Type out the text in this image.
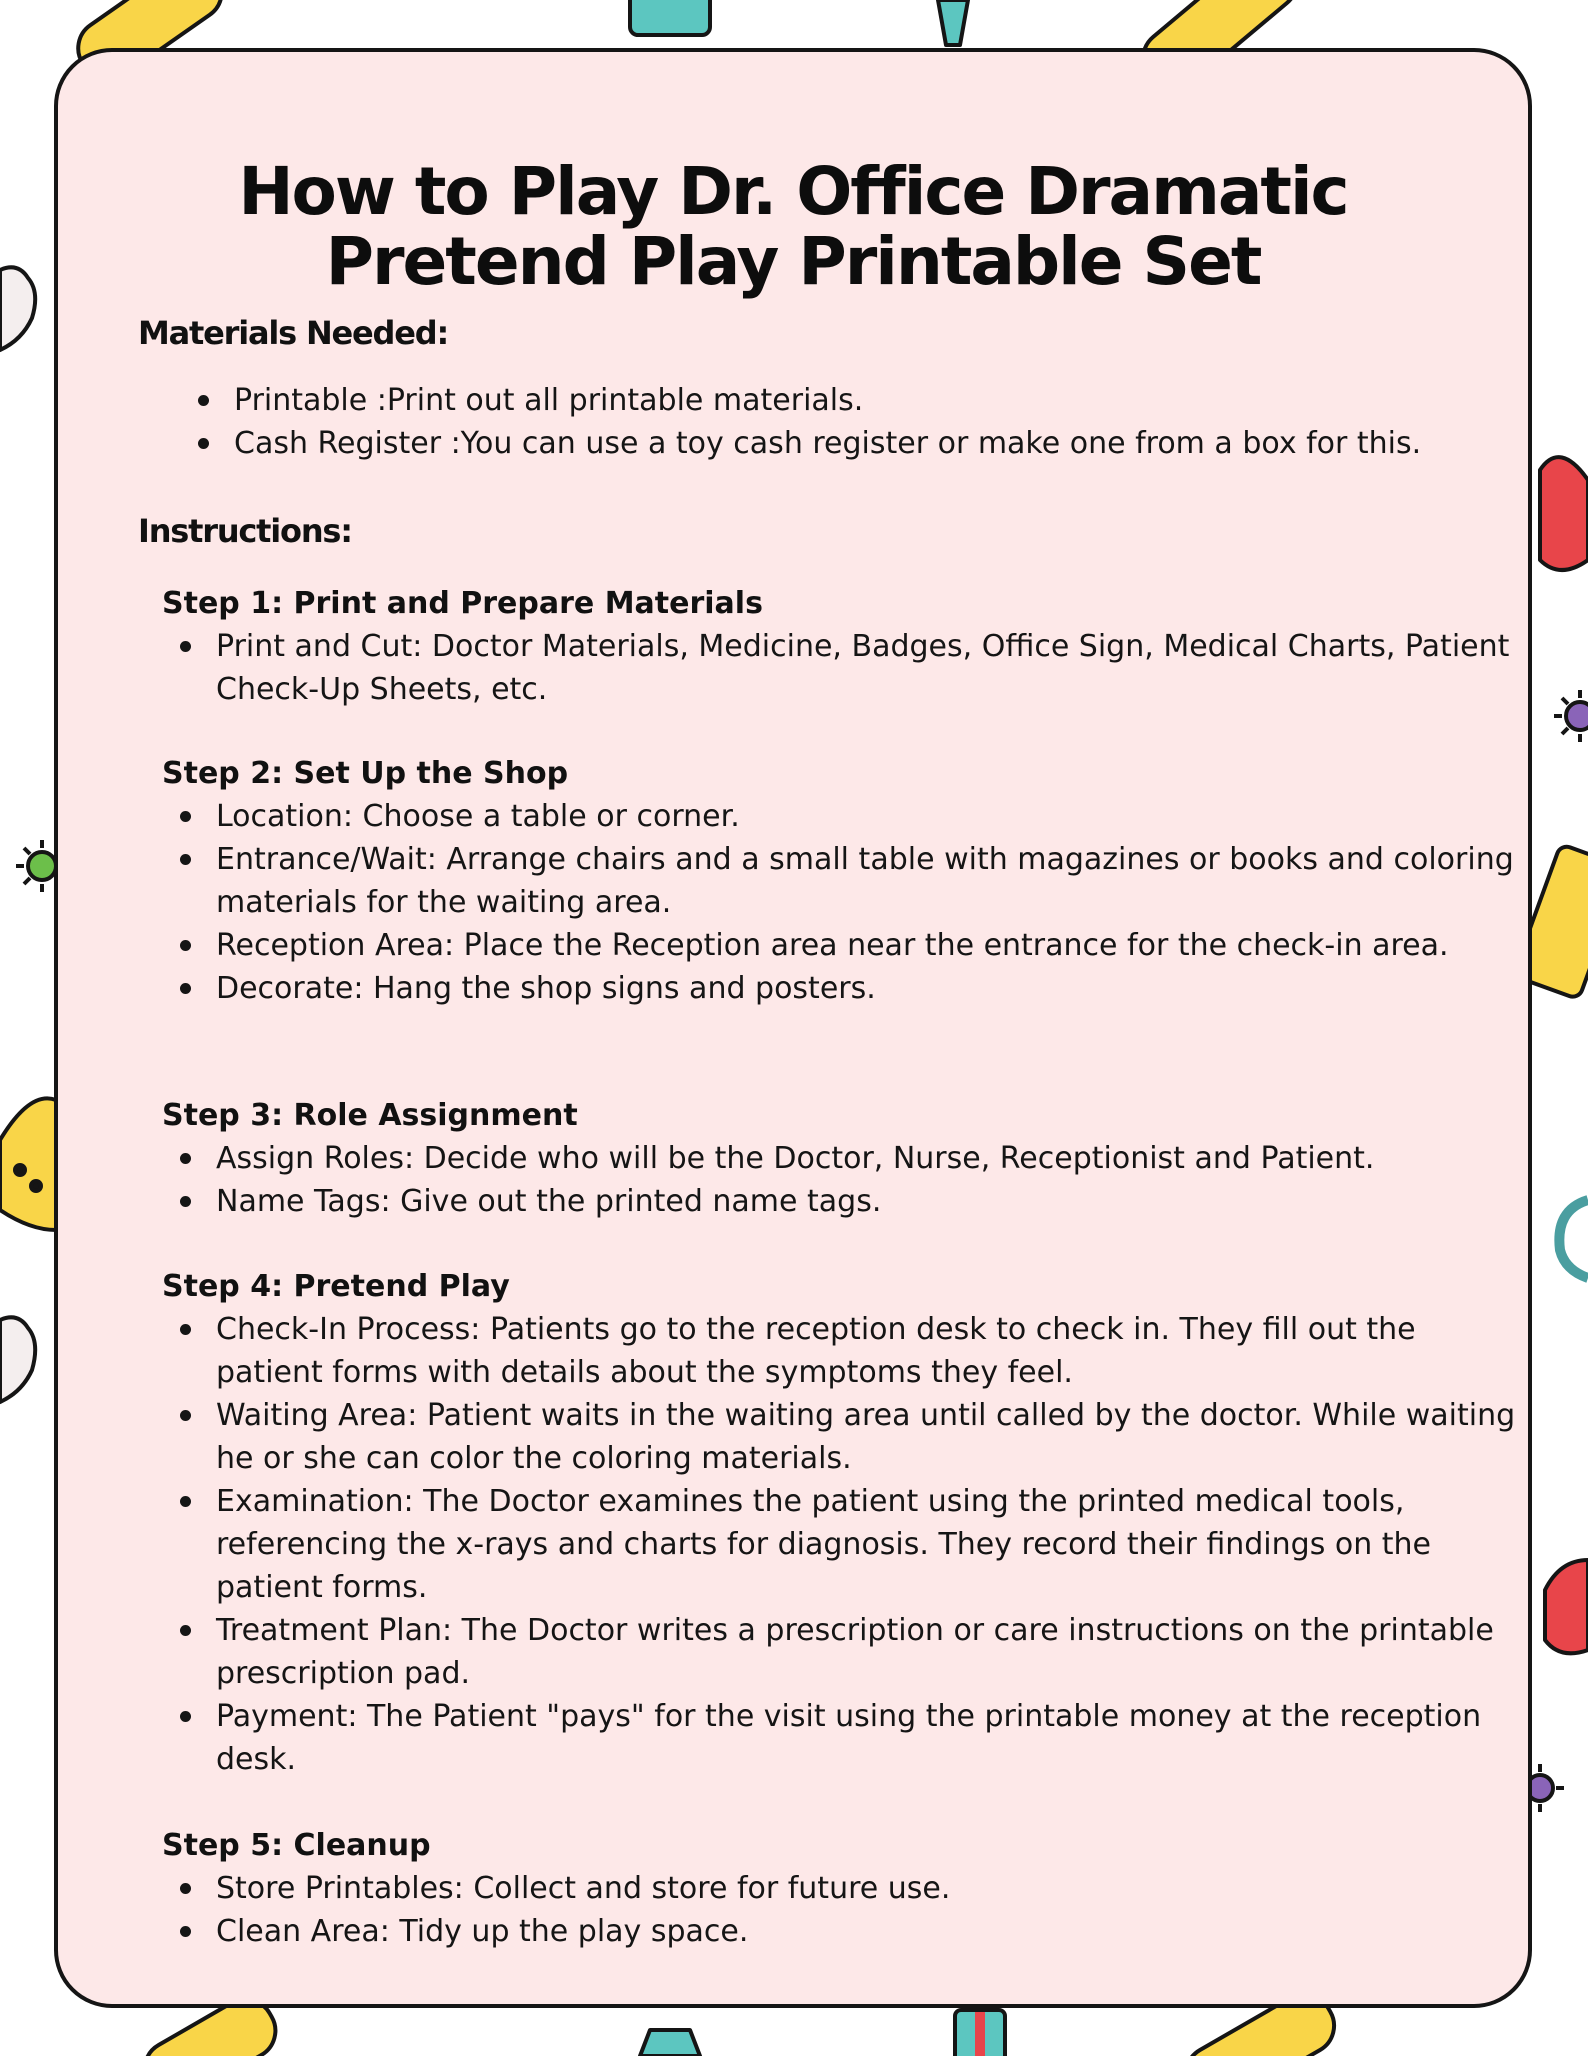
How to Play Dr. Office Dramatic
Pretend Play Printable Set
Materials Needed:
Printable :Print out all printable materials.
Cash Register :You can use a toy cash register or make one from a box for this.
Instructions:

Step 1: Print and Prepare Materials

Print and Cut: Doctor Materials, Medicine, Badges, Office Sign, Medical Charts, Patient Check-Up Sheets, etc.

Step 2: Set Up the Shop

Location: Choose a table or corner.
Entrance/Wait: Arrange chairs and a small table with magazines or books and coloring materials for the waiting area.
Reception Area: Place the Reception area near the entrance for the check-in area.
Decorate: Hang the shop signs and posters.

Step 3: Role Assignment

Assign Roles: Decide who will be the Doctor, Nurse, Receptionist and Patient.
Name Tags: Give out the printed name tags.

Step 4: Pretend Play

Check-In Process: Patients go to the reception desk to check in. They fill out the patient forms with details about the symptoms they feel.
Waiting Area: Patient waits in the waiting area until called by the doctor. While waiting he or she can color the coloring materials.
Examination: The Doctor examines the patient using the printed medical tools, referencing the x-rays and charts for diagnosis. They record their findings on the patient forms.
Treatment Plan: The Doctor writes a prescription or care instructions on the printable prescription pad.
Payment: The Patient "pays" for the visit using the printable money at the reception desk.

Step 5: Cleanup

Store Printables: Collect and store for future use.
Clean Area: Tidy up the play space.
